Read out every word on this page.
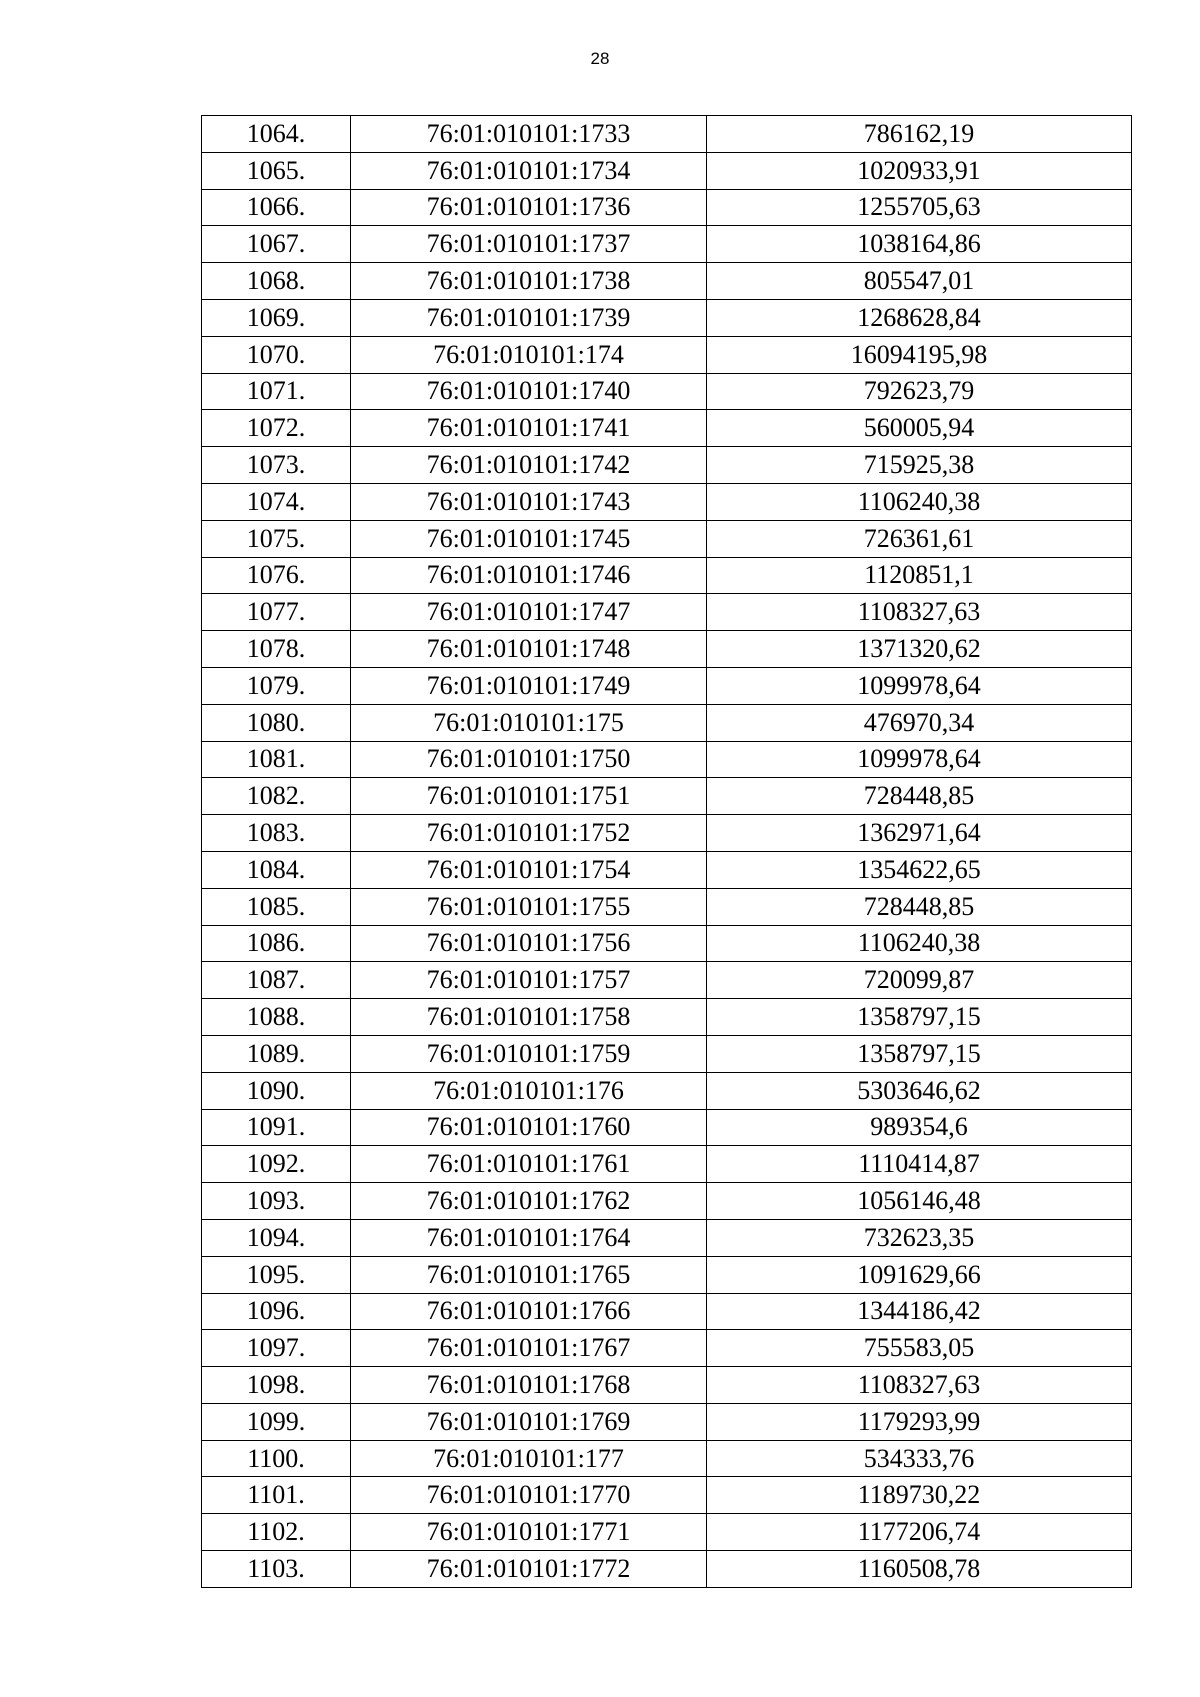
28
1064.	76:01:010101:1733	786162,19
1065.	76:01:010101:1734	1020933,91
1066.	76:01:010101:1736	1255705,63
1067.	76:01:010101:1737	1038164,86
1068.	76:01:010101:1738	805547,01
1069.	76:01:010101:1739	1268628,84
1070.	76:01:010101:174	16094195,98
1071.	76:01:010101:1740	792623,79
1072.	76:01:010101:1741	560005,94
1073.	76:01:010101:1742	715925,38
1074.	76:01:010101:1743	1106240,38
1075.	76:01:010101:1745	726361,61
1076.	76:01:010101:1746	1120851,1
1077.	76:01:010101:1747	1108327,63
1078.	76:01:010101:1748	1371320,62
1079.	76:01:010101:1749	1099978,64
1080.	76:01:010101:175	476970,34
1081.	76:01:010101:1750	1099978,64
1082.	76:01:010101:1751	728448,85
1083.	76:01:010101:1752	1362971,64
1084.	76:01:010101:1754	1354622,65
1085.	76:01:010101:1755	728448,85
1086.	76:01:010101:1756	1106240,38
1087.	76:01:010101:1757	720099,87
1088.	76:01:010101:1758	1358797,15
1089.	76:01:010101:1759	1358797,15
1090.	76:01:010101:176	5303646,62
1091.	76:01:010101:1760	989354,6
1092.	76:01:010101:1761	1110414,87
1093.	76:01:010101:1762	1056146,48
1094.	76:01:010101:1764	732623,35
1095.	76:01:010101:1765	1091629,66
1096.	76:01:010101:1766	1344186,42
1097.	76:01:010101:1767	755583,05
1098.	76:01:010101:1768	1108327,63
1099.	76:01:010101:1769	1179293,99
1100.	76:01:010101:177	534333,76
1101.	76:01:010101:1770	1189730,22
1102.	76:01:010101:1771	1177206,74
1103.	76:01:010101:1772	1160508,78
